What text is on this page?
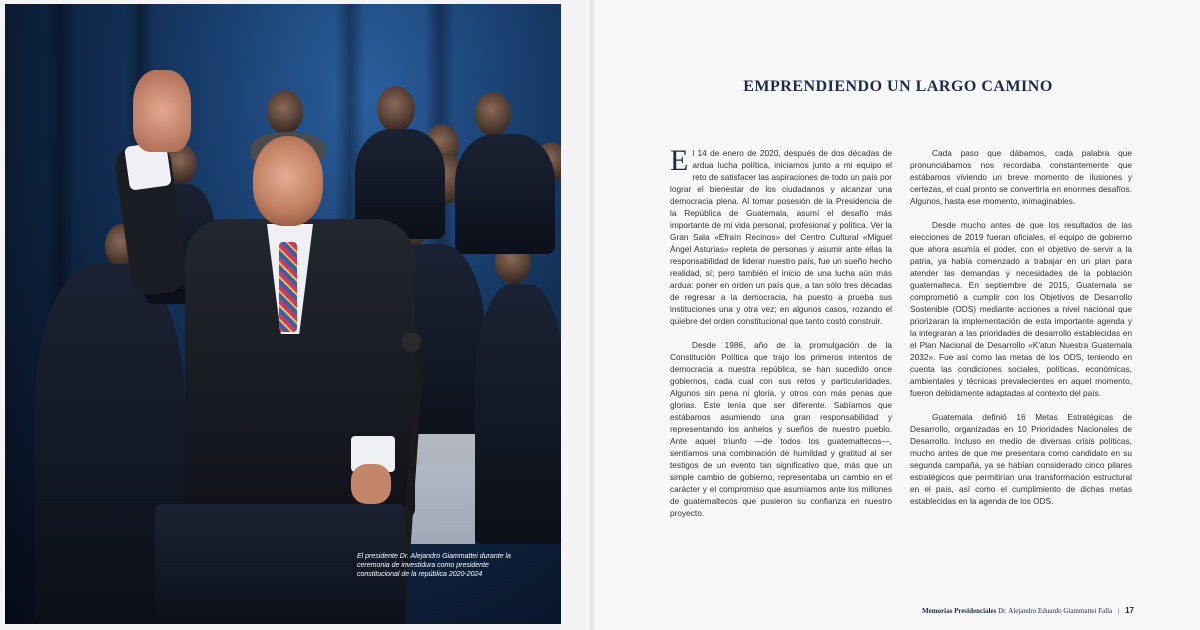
El presidente Dr. Alejandro Giammattei durante la ceremonia de investidura como presidente constitucional de la república 2020-2024
EMPRENDIENDO UN LARGO CAMINO

El 14 de enero de 2020, después de dos décadas de ardua lucha política, iniciamos junto a mi equipo el reto de satisfacer las aspiraciones de todo un país por lograr el bienestar de los ciudadanos y alcanzar una democracia plena. Al tomar posesión de la Presidencia de la República de Guatemala, asumí el desafío más importante de mi vida personal, profesional y política. Ver la Gran Sala «Efraín Recinos» del Centro Cultural «Miguel Ángel Asturias» repleta de personas y asumir ante ellas la responsabilidad de liderar nuestro país, fue un sueño hecho realidad, sí; pero también el inicio de una lucha aún más ardua: poner en orden un país que, a tan sólo tres décadas de regresar a la democracia, ha puesto a prueba sus instituciones una y otra vez; en algunos casos, rozando el quiebre del orden constitucional que tanto costó construir.

Desde 1986, año de la promulgación de la Constitución Política que trajo los primeros intentos de democracia a nuestra república, se han sucedido once gobiernos, cada cual con sus retos y particularidades. Algunos sin pena ni gloria, y otros con más penas que glorias. Este tenía que ser diferente. Sabíamos que estábamos asumiendo una gran responsabilidad y representando los anhelos y sueños de nuestro pueblo. Ante aquel triunfo —de todos los guatemaltecos—, sentíamos una combinación de humildad y gratitud al ser testigos de un evento tan significativo que, más que un simple cambio de gobierno, representaba un cambio en el carácter y el compromiso que asumíamos ante los millones de guatemaltecos que pusieron su confianza en nuestro proyecto.

Cada paso que dábamos, cada palabra que pronunciábamos nos recordaba constantemente que estábamos viviendo un breve momento de ilusiones y certezas, el cual pronto se convertiría en enormes desafíos. Algunos, hasta ese momento, inimaginables.

Desde mucho antes de que los resultados de las elecciones de 2019 fueran oficiales, el equipo de gobierno que ahora asumía el poder, con el objetivo de servir a la patria, ya había comenzado a trabajar en un plan para atender las demandas y necesidades de la población guatemalteca. En septiembre de 2015, Guatemala se comprometió a cumplir con los Objetivos de Desarrollo Sostenible (ODS) mediante acciones a nivel nacional que priorizaran la implementación de esta importante agenda y la integraran a las prioridades de desarrollo establecidas en el Plan Nacional de Desarrollo «K'atun Nuestra Guatemala 2032». Fue así como las metas de los ODS, teniendo en cuenta las condiciones sociales, políticas, económicas, ambientales y técnicas prevalecientes en aquel momento, fueron debidamente adaptadas al contexto del país.

Guatemala definió 16 Metas Estratégicas de Desarrollo, organizadas en 10 Prioridades Nacionales de Desarrollo. Incluso en medio de diversas crisis políticas, mucho antes de que me presentara como candidato en su segunda campaña, ya se habían considerado cinco pilares estratégicos que permitirían una transformación estructural en el país, así como el cumplimiento de dichas metas establecidas en la agenda de los ODS.

Memorias Presidenciales Dr. Alejandro Eduardo Giammattei Falla | 17
